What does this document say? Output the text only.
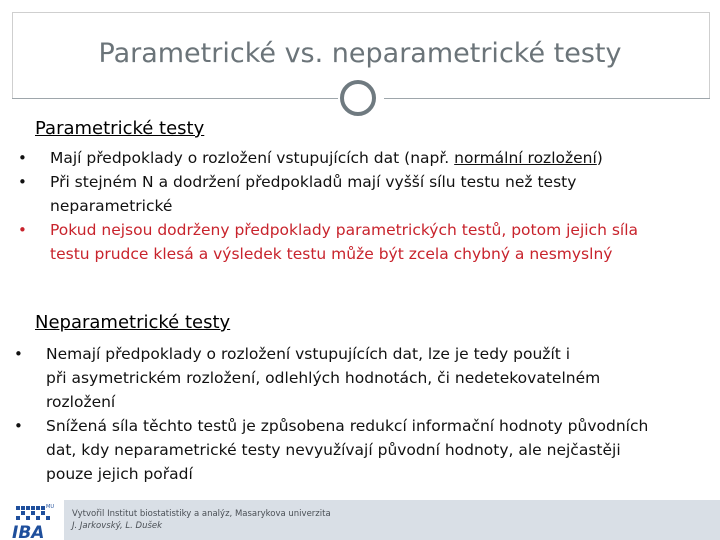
Parametrické vs. neparametrické testy
Parametrické testy
• Mají předpoklady o rozložení vstupujících dat (např. normální rozložení)
• Při stejném N a dodržení předpokladů mají vyšší sílu testu než testy
neparametrické
• Pokud nejsou dodrženy předpoklady parametrických testů, potom jejich síla
testu prudce klesá a výsledek testu může být zcela chybný a nesmyslný
Neparametrické testy
• Nemají předpoklady o rozložení vstupujících dat, lze je tedy použít i
při asymetrickém rozložení, odlehlých hodnotách, či nedetekovatelném
rozložení
• Snížená síla těchto testů je způsobena redukcí informační hodnoty původních
dat, kdy neparametrické testy nevyužívají původní hodnoty, ale nejčastěji
pouze jejich pořadí
MU
IBA
Vytvořil Institut biostatistiky a analýz, Masarykova univerzita
J. Jarkovský, L. Dušek
